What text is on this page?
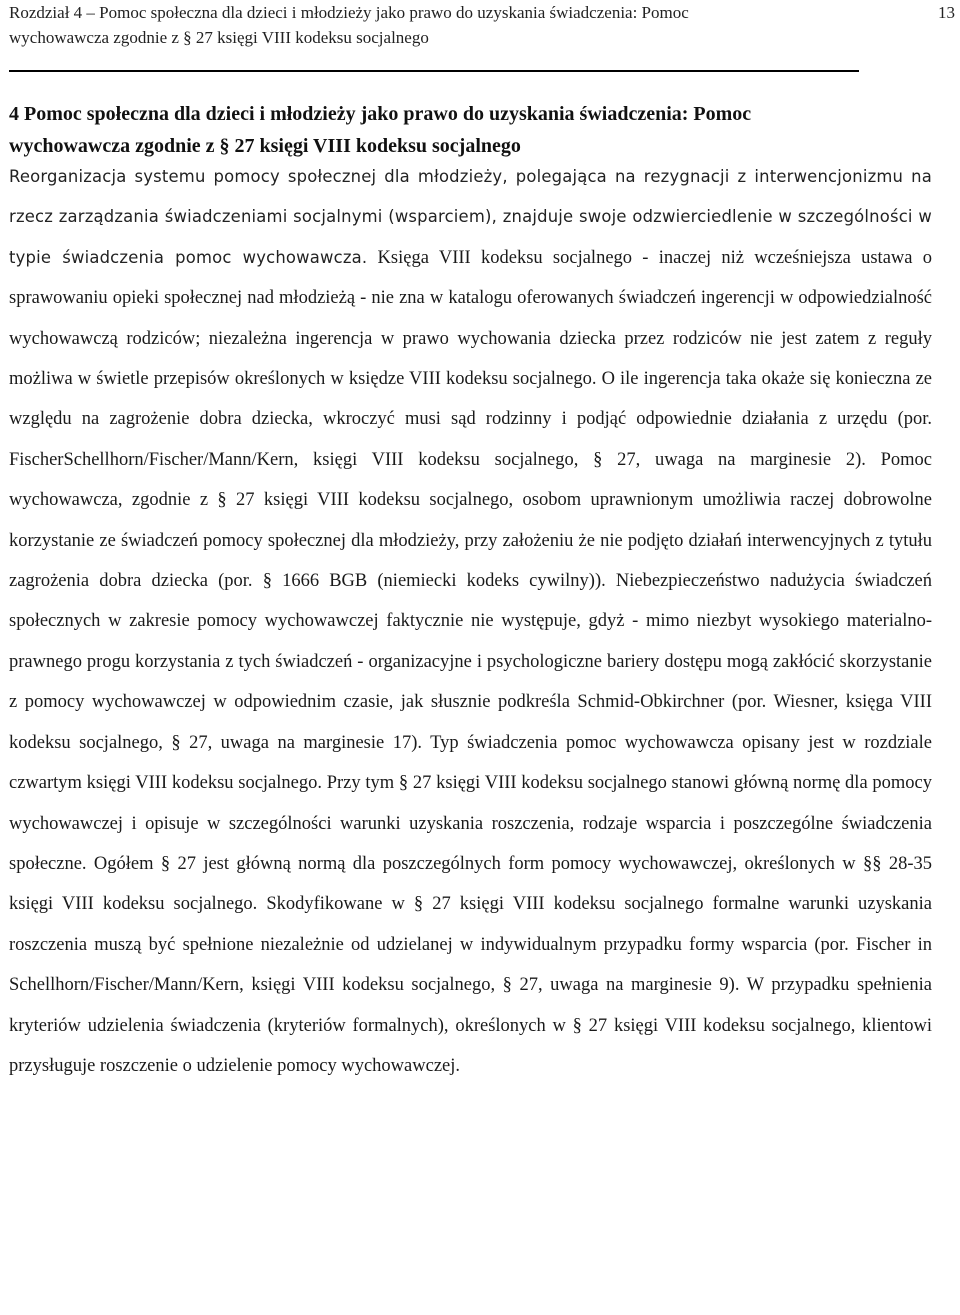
Rozdział 4 – Pomoc społeczna dla dzieci i młodzieży jako prawo do uzyskania świadczenia: Pomoc
wychowawcza zgodnie z § 27 księgi VIII kodeksu socjalnego
13
4 Pomoc społeczna dla dzieci i młodzieży jako prawo do uzyskania świadczenia: Pomoc
wychowawcza zgodnie z § 27 księgi VIII kodeksu socjalnego

Reorganizacja systemu pomocy społecznej dla młodzieży, polegająca na rezygnacji z interwencjonizmu na rzecz zarządzania świadczeniami socjalnymi (wsparciem), znajduje swoje odzwierciedlenie w szczególności w typie świadczenia pomoc wychowawcza. Księga VIII kodeksu socjalnego - inaczej niż wcześniejsza ustawa o sprawowaniu opieki społecznej nad młodzieżą - nie zna w katalogu oferowanych świadczeń ingerencji w odpowiedzialność wychowawczą rodziców; niezależna ingerencja w prawo wychowania dziecka przez rodziców nie jest zatem z reguły możliwa w świetle przepisów określonych w księdze VIII kodeksu socjalnego. O ile ingerencja taka okaże się konieczna ze względu na zagrożenie dobra dziecka, wkroczyć musi sąd rodzinny i podjąć odpowiednie działania z urzędu (por. FischerSchellhorn/Fischer/Mann/Kern, księgi VIII kodeksu socjalnego, § 27, uwaga na marginesie 2). Pomoc wychowawcza, zgodnie z § 27 księgi VIII kodeksu socjalnego, osobom uprawnionym umożliwia raczej dobrowolne korzystanie ze świadczeń pomocy społecznej dla młodzieży, przy założeniu że nie podjęto działań interwencyjnych z tytułu zagrożenia dobra dziecka (por. § 1666 BGB (niemiecki kodeks cywilny)). Niebezpieczeństwo nadużycia świadczeń społecznych w zakresie pomocy wychowawczej faktycznie nie występuje, gdyż - mimo niezbyt wysokiego materialno-prawnego progu korzystania z tych świadczeń - organizacyjne i psychologiczne bariery dostępu mogą zakłócić skorzystanie z pomocy wychowawczej w odpowiednim czasie, jak słusznie podkreśla Schmid-Obkirchner (por. Wiesner, księga VIII kodeksu socjalnego, § 27, uwaga na marginesie 17). Typ świadczenia pomoc wychowawcza opisany jest w rozdziale czwartym księgi VIII kodeksu socjalnego. Przy tym § 27 księgi VIII kodeksu socjalnego stanowi główną normę dla pomocy wychowawczej i opisuje w szczególności warunki uzyskania roszczenia, rodzaje wsparcia i poszczególne świadczenia społeczne. Ogółem § 27 jest główną normą dla poszczególnych form pomocy wychowawczej, określonych w §§ 28-35 księgi VIII kodeksu socjalnego. Skodyfikowane w § 27 księgi VIII kodeksu socjalnego formalne warunki uzyskania roszczenia muszą być spełnione niezależnie od udzielanej w indywidualnym przypadku formy wsparcia (por. Fischer in Schellhorn/Fischer/Mann/Kern, księgi VIII kodeksu socjalnego, § 27, uwaga na marginesie 9). W przypadku spełnienia kryteriów udzielenia świadczenia (kryteriów formalnych), określonych w § 27 księgi VIII kodeksu socjalnego, klientowi przysługuje roszczenie o udzielenie pomocy wychowawczej.
